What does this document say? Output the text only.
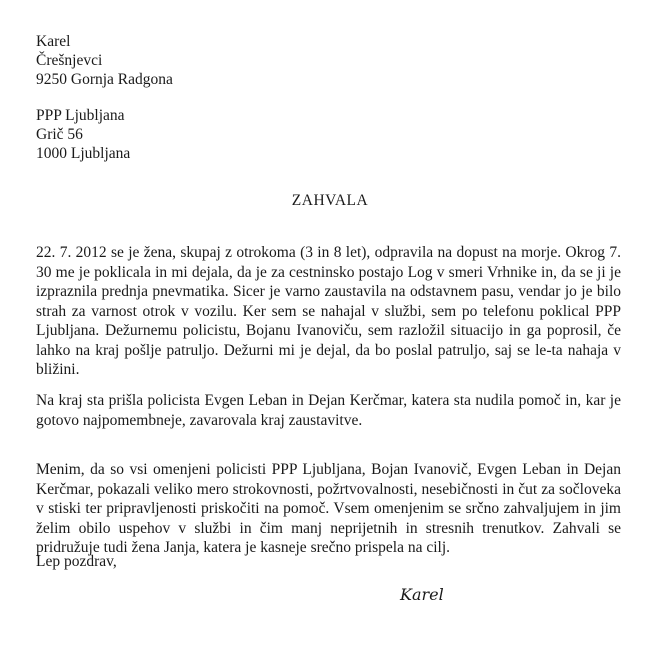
Karel
Črešnjevci
9250 Gornja Radgona
PPP Ljubljana
Grič 56
1000 Ljubljana
ZAHVALA
22. 7. 2012 se je žena, skupaj z otrokoma (3 in 8 let), odpravila na dopust na morje. Okrog 7.
30 me je poklicala in mi dejala, da je za cestninsko postajo Log v smeri Vrhnike in, da se ji je
izpraznila prednja pnevmatika. Sicer je varno zaustavila na odstavnem pasu, vendar jo je bilo
strah za varnost otrok v vozilu. Ker sem se nahajal v službi, sem po telefonu poklical PPP
Ljubljana. Dežurnemu policistu, Bojanu Ivanoviču, sem razložil situacijo in ga poprosil, če
lahko na kraj pošlje patruljo. Dežurni mi je dejal, da bo poslal patruljo, saj se le-ta nahaja v
bližini.
Na kraj sta prišla policista Evgen Leban in Dejan Kerčmar, katera sta nudila pomoč in, kar je
gotovo najpomembneje, zavarovala kraj zaustavitve.
Menim, da so vsi omenjeni policisti PPP Ljubljana, Bojan Ivanovič, Evgen Leban in Dejan
Kerčmar, pokazali veliko mero strokovnosti, požrtvovalnosti, nesebičnosti in čut za sočloveka
v stiski ter pripravljenosti priskočiti na pomoč. Vsem omenjenim se srčno zahvaljujem in jim
želim obilo uspehov v službi in čim manj neprijetnih in stresnih trenutkov. Zahvali se
pridružuje tudi žena Janja, katera je kasneje srečno prispela na cilj.
Lep pozdrav,
Karel
